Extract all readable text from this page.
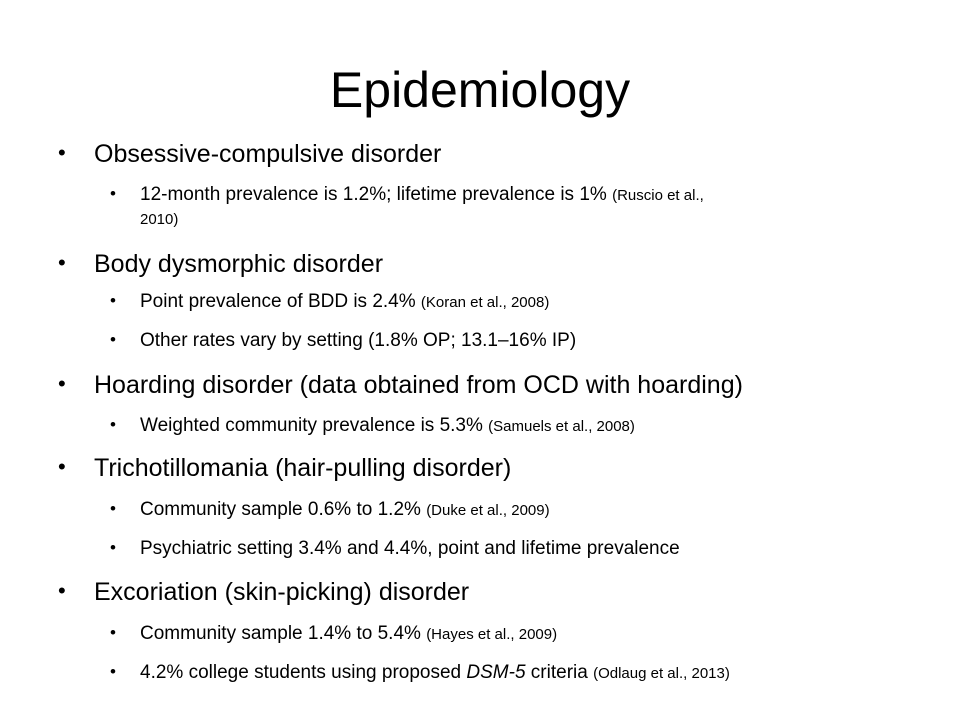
Epidemiology
• Obsessive-compulsive disorder
• 12-month prevalence is 1.2%; lifetime prevalence is 1% (Ruscio et al.,
2010)
• Body dysmorphic disorder
• Point prevalence of BDD is 2.4% (Koran et al., 2008)
• Other rates vary by setting (1.8% OP; 13.1–16% IP)
• Hoarding disorder (data obtained from OCD with hoarding)
• Weighted community prevalence is 5.3% (Samuels et al., 2008)
• Trichotillomania (hair-pulling disorder)
• Community sample 0.6% to 1.2% (Duke et al., 2009)
• Psychiatric setting 3.4% and 4.4%, point and lifetime prevalence
• Excoriation (skin-picking) disorder
• Community sample 1.4% to 5.4% (Hayes et al., 2009)
• 4.2% college students using proposed DSM-5 criteria (Odlaug et al., 2013)
